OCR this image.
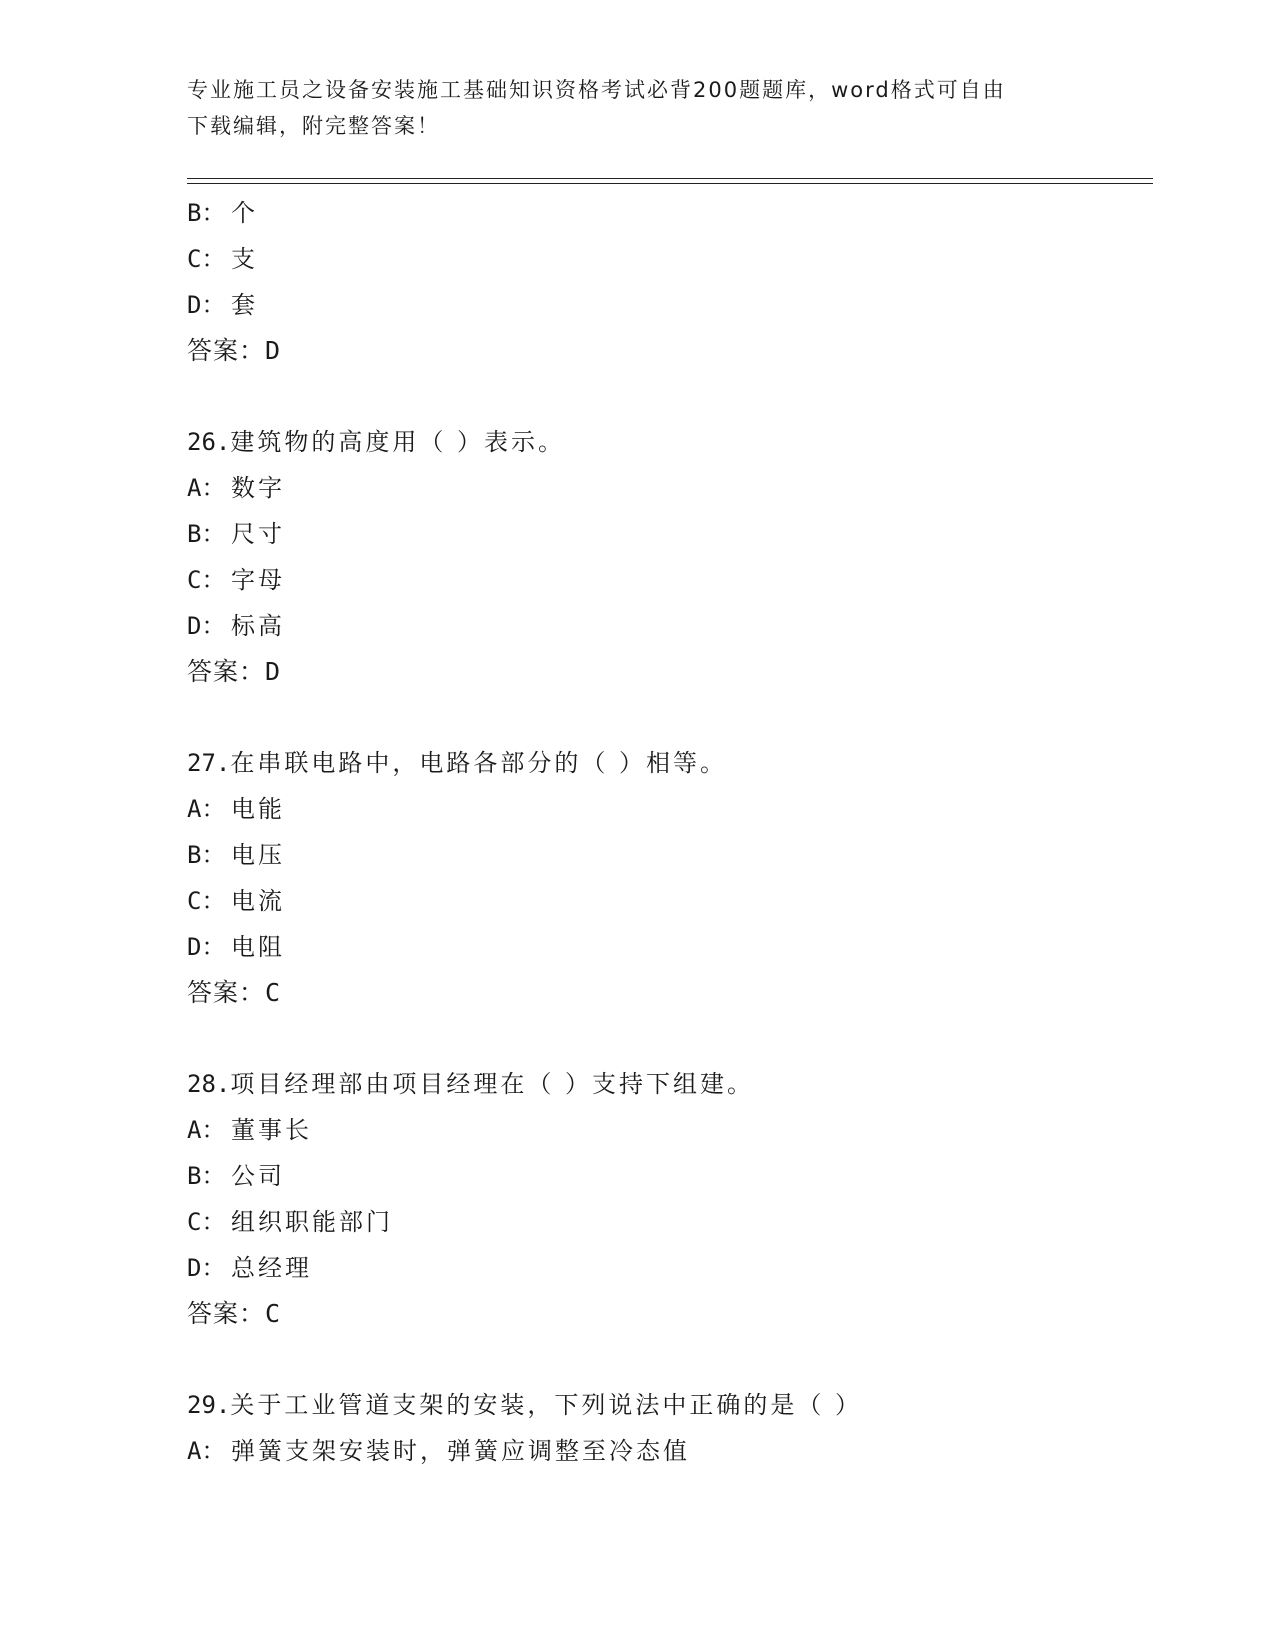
专业施工员之设备安装施工基础知识资格考试必背200题题库，word格式可自由
下载编辑，附完整答案！
B： 个
C： 支
D： 套
答案：D
26.建筑物的高度用（ ）表示。
A： 数字
B： 尺寸
C： 字母
D： 标高
答案：D
27.在串联电路中，电路各部分的（ ）相等。
A： 电能
B： 电压
C： 电流
D： 电阻
答案：C
28.项目经理部由项目经理在（ ）支持下组建。
A： 董事长
B： 公司
C： 组织职能部门
D： 总经理
答案：C
29.关于工业管道支架的安装，下列说法中正确的是（ ）
A： 弹簧支架安装时，弹簧应调整至冷态值
